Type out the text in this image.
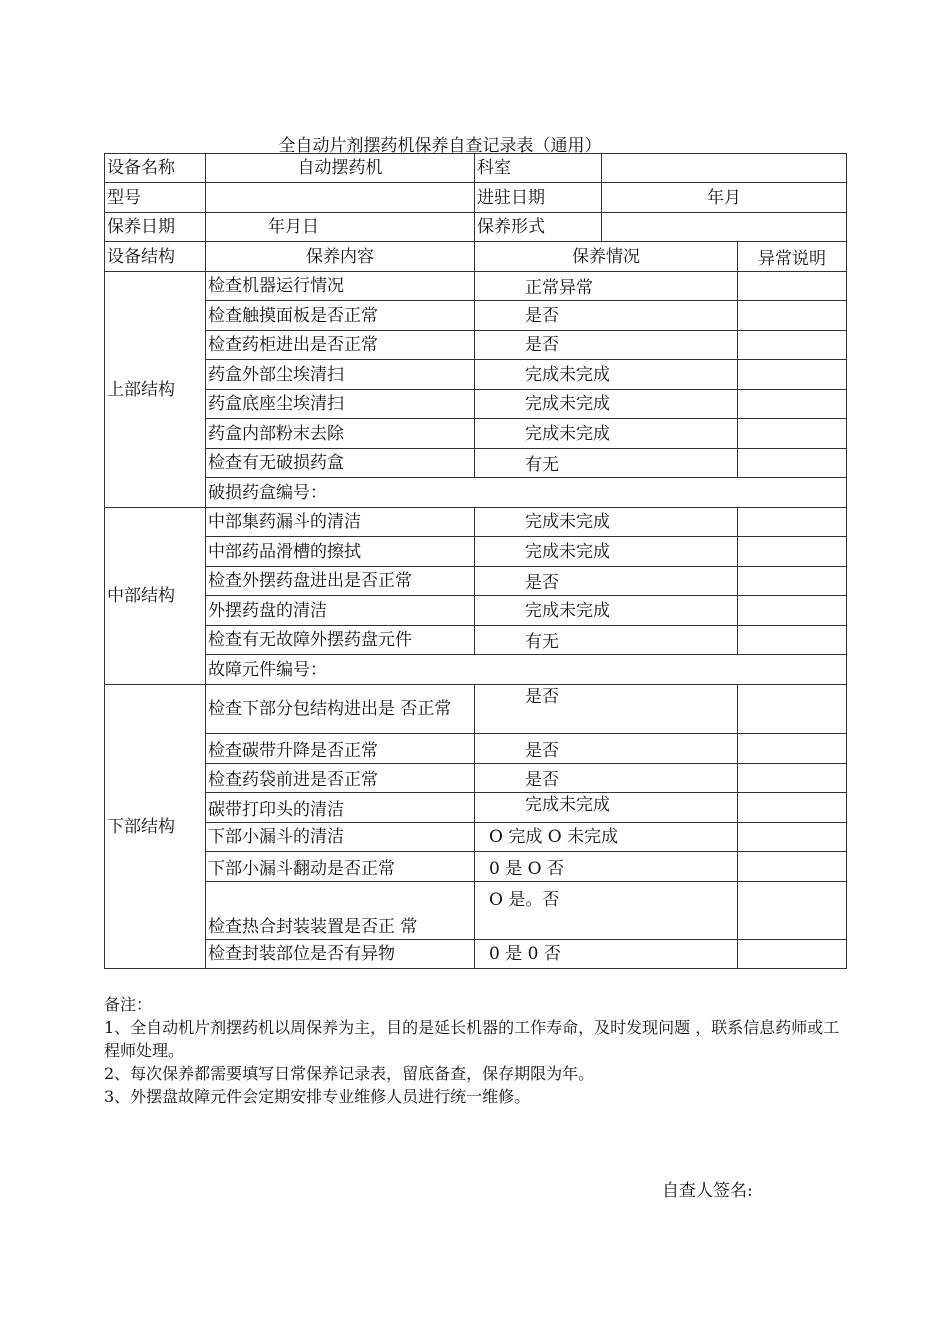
全自动片剂摆药机保养自查记录表（通用）
设备名称	自动摆药机	科室		
型号		进驻日期	年月	
保养日期	年月日	保养形式		
设备结构	保养内容	保养情况		异常说明
上部结构	检查机器运行情况	正常异常		
	检查触摸面板是否正常	是否		
	检查药柜进出是否正常	是否		
	药盒外部尘埃清扫	完成未完成		
	药盒底座尘埃清扫	完成未完成		
	药盒内部粉末去除	完成未完成		
	检查有无破损药盒	有无		
	破损药盒编号：			
中部结构	中部集药漏斗的清洁	完成未完成		
	中部药品滑槽的擦拭	完成未完成		
	检查外摆药盘进出是否正常	是否		
	外摆药盘的清洁	完成未完成		
	检查有无故障外摆药盘元件	有无		
	故障元件编号：			
下部结构	检查下部分包结构进出是 否正常	是否		
	检查碳带升降是否正常	是否		
	检查药袋前进是否正常	是否		
	碳带打印头的清洁	完成未完成		
	下部小漏斗的清洁	O 完成 O 未完成		
	下部小漏斗翻动是否正常	0 是 O 否		
	检查热合封装装置是否正 常	O 是。否		
	检查封装部位是否有异物	0 是 0 否		
备注：
1、全自动机片剂摆药机以周保养为主，目的是延长机器的工作寿命，及时发现问题 ，联系信息药师或工程师处理。
2、每次保养都需要填写日常保养记录表，留底备查，保存期限为年。
3、外摆盘故障元件会定期安排专业维修人员进行统一维修。
自查人签名:
